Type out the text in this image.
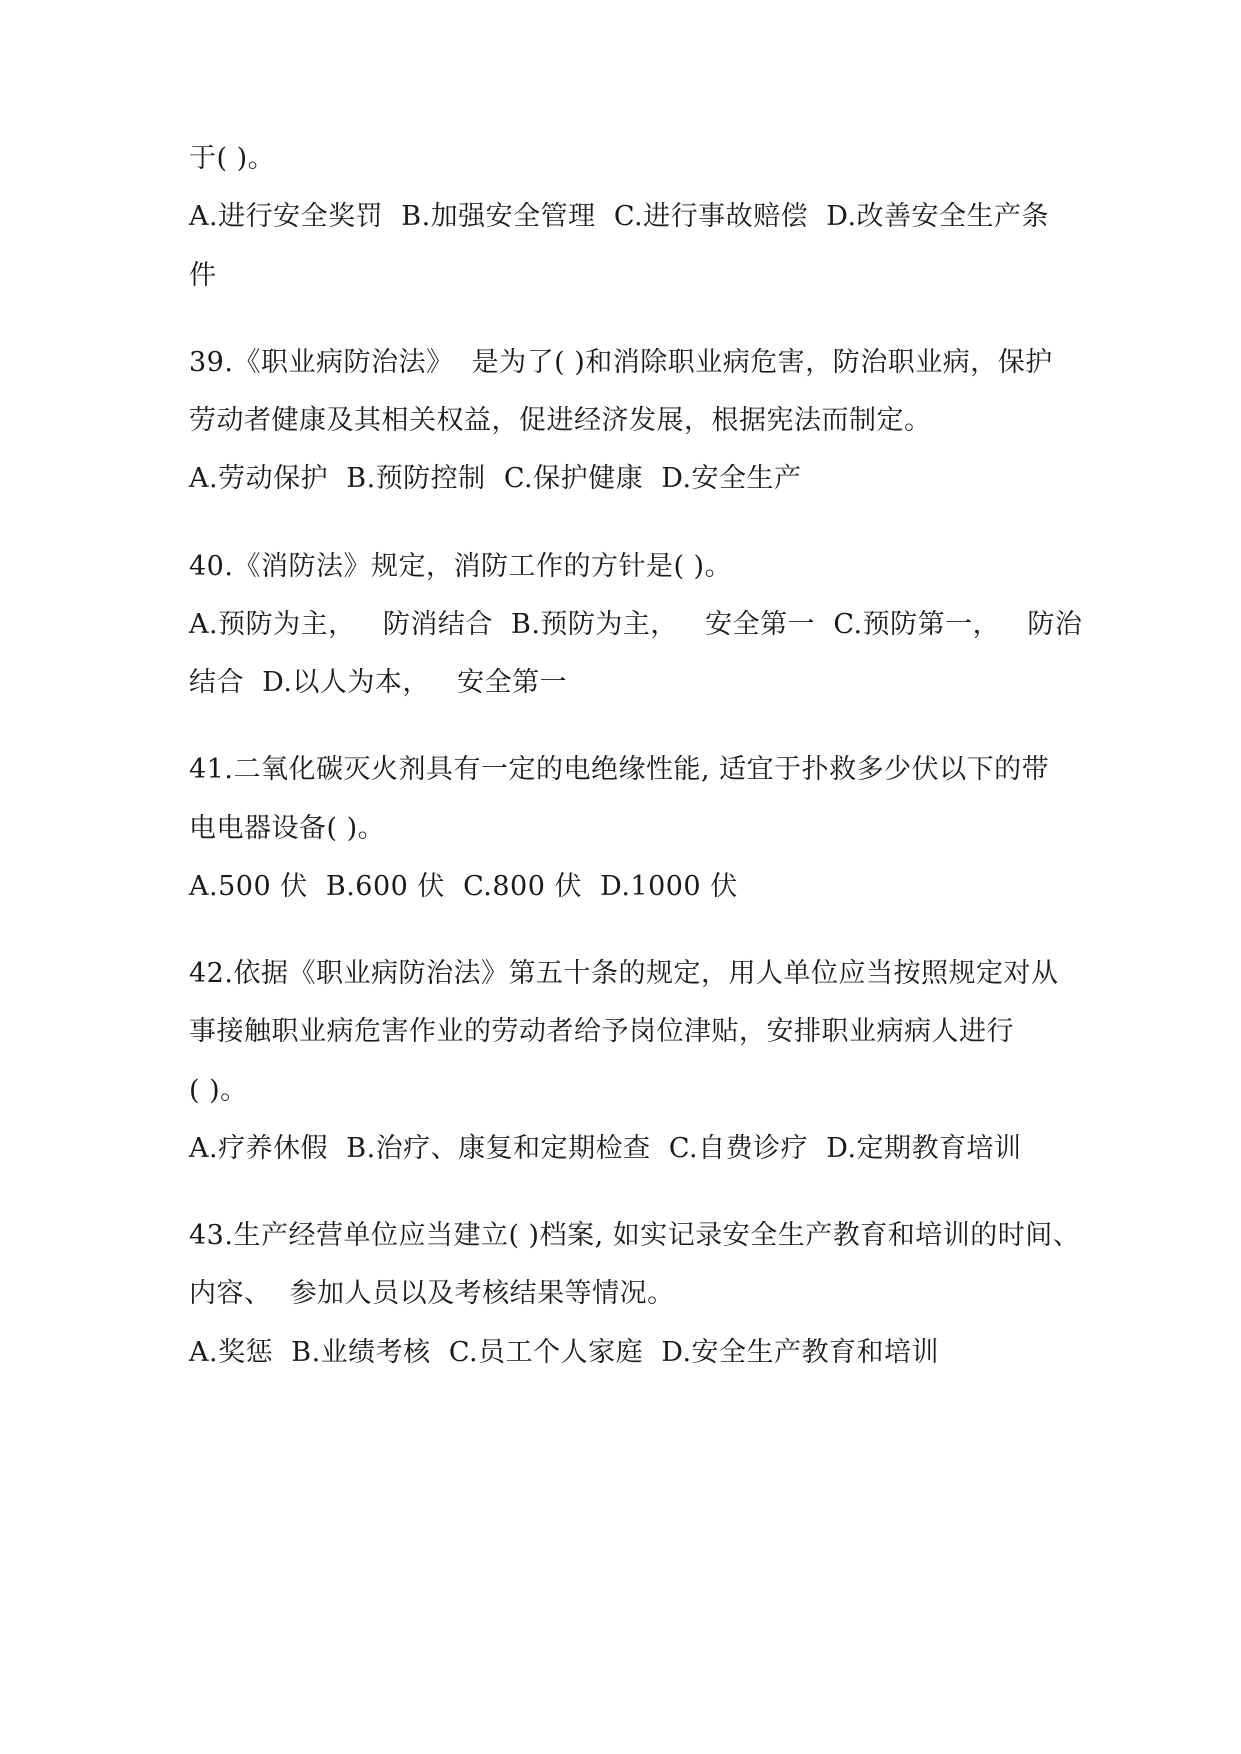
于( )。
A.进行安全奖罚  B.加强安全管理  C.进行事故赔偿  D.改善安全生产条
件
39.《职业病防治法》  是为了( )和消除职业病危害，防治职业病，保护
劳动者健康及其相关权益，促进经济发展，根据宪法而制定。
A.劳动保护  B.预防控制  C.保护健康  D.安全生产
40.《消防法》规定，消防工作的方针是( )。
A.预防为主，   防消结合  B.预防为主，   安全第一  C.预防第一，   防治
结合  D.以人为本，   安全第一
41.二氧化碳灭火剂具有一定的电绝缘性能, 适宜于扑救多少伏以下的带
电电器设备( )。
A.500 伏  B.600 伏  C.800 伏  D.1000 伏
42.依据《职业病防治法》第五十条的规定，用人单位应当按照规定对从
事接触职业病危害作业的劳动者给予岗位津贴，安排职业病病人进行
( )。
A.疗养休假  B.治疗、康复和定期检查  C.自费诊疗  D.定期教育培训
43.生产经营单位应当建立( )档案, 如实记录安全生产教育和培训的时间、
内容、  参加人员以及考核结果等情况。
A.奖惩  B.业绩考核  C.员工个人家庭  D.安全生产教育和培训
